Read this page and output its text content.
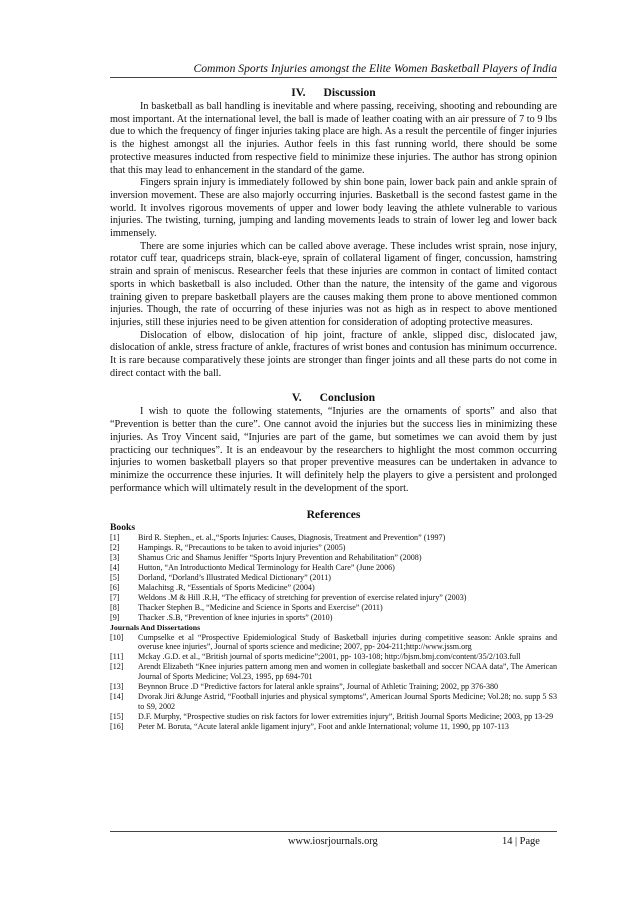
Common Sports Injuries amongst the Elite Women Basketball Players of India
IV. Discussion

In basketball as ball handling is inevitable and where passing, receiving, shooting and rebounding are most important. At the international level, the ball is made of leather coating with an air pressure of 7 to 9 lbs due to which the frequency of finger injuries taking place are high. As a result the percentile of finger injuries is the highest amongst all the injuries. Author feels in this fast running world, there should be some protective measures inducted from respective field to minimize these injuries. The author has strong opinion that this may lead to enhancement in the standard of the game.

Fingers sprain injury is immediately followed by shin bone pain, lower back pain and ankle sprain of inversion movement. These are also majorly occurring injuries. Basketball is the second fastest game in the world. It involves rigorous movements of upper and lower body leaving the athlete vulnerable to various injuries. The twisting, turning, jumping and landing movements leads to strain of lower leg and lower back immensely.

There are some injuries which can be called above average. These includes wrist sprain, nose injury, rotator cuff tear, quadriceps strain, black-eye, sprain of collateral ligament of finger, concussion, hamstring strain and sprain of meniscus. Researcher feels that these injuries are common in contact of limited contact sports in which basketball is also included. Other than the nature, the intensity of the game and vigorous training given to prepare basketball players are the causes making them prone to above mentioned common injuries. Though, the rate of occurring of these injuries was not as high as in respect to above mentioned injuries, still these injuries need to be given attention for consideration of adopting protective measures.

Dislocation of elbow, dislocation of hip joint, fracture of ankle, slipped disc, dislocated jaw, dislocation of ankle, stress fracture of ankle, fractures of wrist bones and contusion has minimum occurrence. It is rare because comparatively these joints are stronger than finger joints and all these parts do not come in direct contact with the ball.

V. Conclusion

I wish to quote the following statements, “Injuries are the ornaments of sports” and also that “Prevention is better than the cure”. One cannot avoid the injuries but the success lies in minimizing these injuries. As Troy Vincent said, “Injuries are part of the game, but sometimes we can avoid them by just practicing our techniques”. It is an endeavour by the researchers to highlight the most common occurring injuries to women basketball players so that proper preventive measures can be undertaken in advance to minimize the occurrence these injuries. It will definitely help the players to give a persistent and prolonged performance which will ultimately result in the development of the sport.

References
Books
[1]	Bird R. Stephen., et. al.,“Sports Injuries: Causes, Diagnosis, Treatment and Prevention” (1997)
[2]	Hampings. R, “Precautions to be taken to avoid injuries” (2005)
[3]	Shamus Cric and Shamus Jeniffer “Sports Injury Prevention and Rehabilitation” (2008)
[4]	Hutton, “An Introductionto Medical Terminology for Health Care” (June 2006)
[5]	Dorland, “Dorland’s Illustrated Medical Dictionary” (2011)
[6]	Malachitsg .R, “Essentials of Sports Medicine” (2004)
[7]	Weldons .M & Hill .R.H, “The efficacy of stretching for prevention of exercise related injury” (2003)
[8]	Thacker Stephen B., “Medicine and Science in Sports and Exercise” (2011)
[9]	Thacker .S.B, “Prevention of knee injuries in sports” (2010)
Journals And Dissertations
[10]	Cumpselke et al “Prospective Epidemiological Study of Basketball injuries during competitive season: Ankle sprains and overuse knee injuries”, Journal of sports science and medicine; 2007, pp- 204-211;http://www.jssm.org
[11]	Mckay .G.D. et al., “British journal of sports medicine”;2001, pp- 103-108; http://bjsm.bmj.com/content/35/2/103.full
[12]	Arendt Elizabeth “Knee injuries pattern among men and women in collegiate basketball and soccer NCAA data”, The American Journal of Sports Medicine; Vol.23, 1995, pp 694-701
[13]	Beynnon Bruce .D “Predictive factors for lateral ankle sprains”, Journal of Athletic Training; 2002, pp 376-380
[14]	Dvorak Jiri &Junge Astrid, “Football injuries and physical symptoms”, American Journal Sports Medicine; Vol.28; no. supp 5 S3 to S9, 2002
[15]	D.F. Murphy, “Prospective studies on risk factors for lower extremities injury”, British Journal Sports Medicine; 2003, pp 13-29
[16]	Peter M. Boruta, “Acute lateral ankle ligament injury”, Foot and ankle International; volume 11, 1990, pp 107-113
www.iosrjournals.org	14 | Page
